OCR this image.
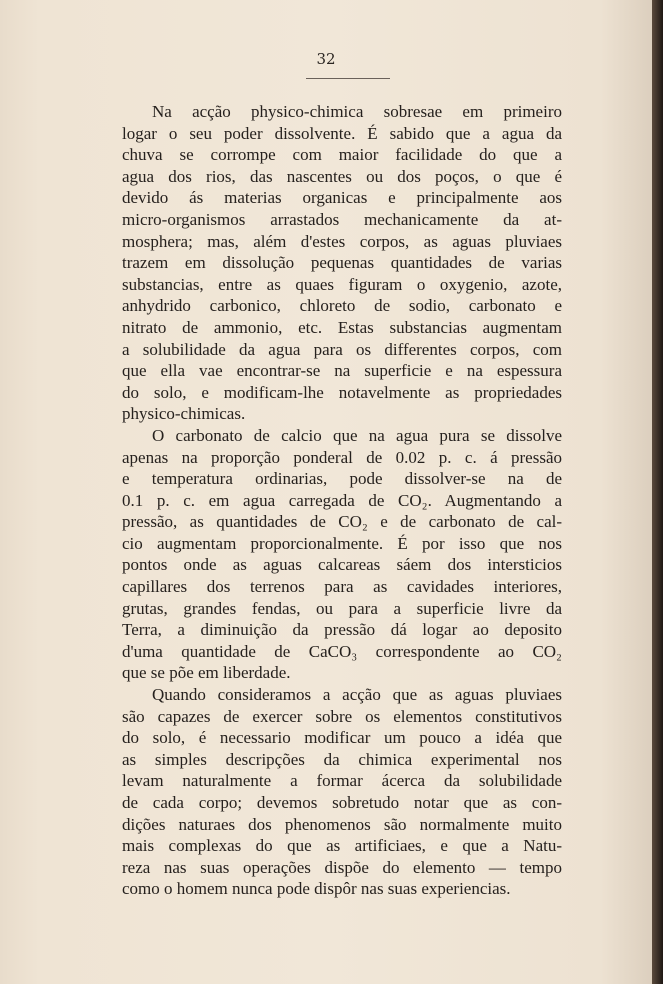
32
Na acção physico-chimica sobresae em primeiro
logar o seu poder dissolvente. É sabido que a agua da
chuva se corrompe com maior facilidade do que a
agua dos rios, das nascentes ou dos poços, o que é
devido ás materias organicas e principalmente aos
micro-organismos arrastados mechanicamente da at-
mosphera; mas, além d'estes corpos, as aguas pluviaes
trazem em dissolução pequenas quantidades de varias
substancias, entre as quaes figuram o oxygenio, azote,
anhydrido carbonico, chloreto de sodio, carbonato e
nitrato de ammonio, etc. Estas substancias augmentam
a solubilidade da agua para os differentes corpos, com
que ella vae encontrar-se na superficie e na espessura
do solo, e modificam-lhe notavelmente as propriedades
physico-chimicas.
O carbonato de calcio que na agua pura se dissolve
apenas na proporção ponderal de 0.02 p. c. á pressão
e temperatura ordinarias, pode dissolver-se na de
0.1 p. c. em agua carregada de CO₂. Augmentando a
pressão, as quantidades de CO₂ e de carbonato de cal-
cio augmentam proporcionalmente. É por isso que nos
pontos onde as aguas calcareas sáem dos intersticios
capillares dos terrenos para as cavidades interiores,
grutas, grandes fendas, ou para a superficie livre da
Terra, a diminuição da pressão dá logar ao deposito
d'uma quantidade de CaCO₃ correspondente ao CO₂
que se põe em liberdade.
Quando consideramos a acção que as aguas pluviaes
são capazes de exercer sobre os elementos constitutivos
do solo, é necessario modificar um pouco a idéa que
as simples descripções da chimica experimental nos
levam naturalmente a formar ácerca da solubilidade
de cada corpo; devemos sobretudo notar que as con-
dições naturaes dos phenomenos são normalmente muito
mais complexas do que as artificiaes, e que a Natu-
reza nas suas operações dispõe do elemento — tempo
como o homem nunca pode dispôr nas suas experiencias.
